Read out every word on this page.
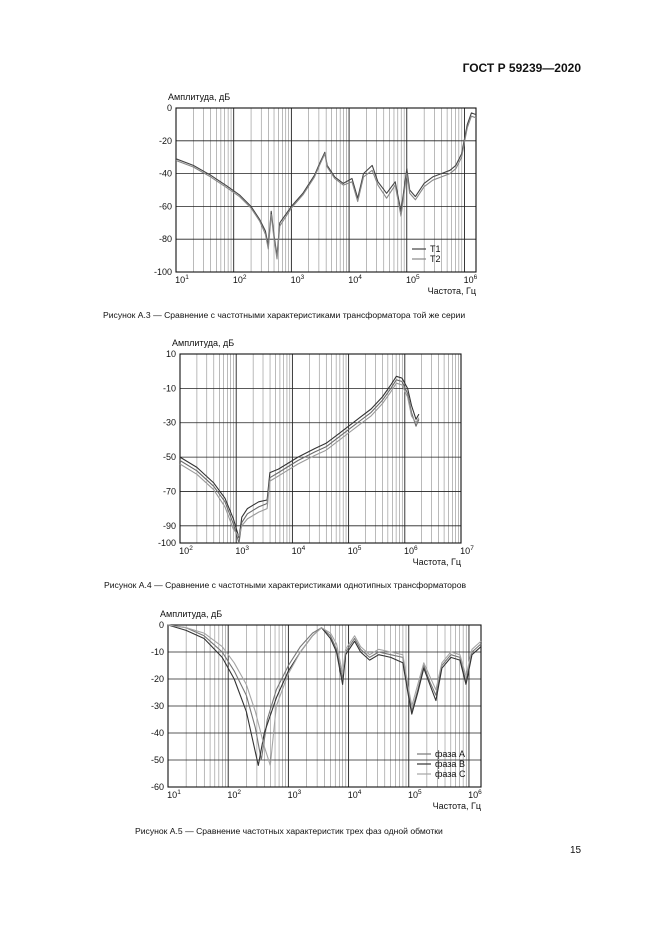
ГОСТ Р 59239—2020
-100
-80
-60
-40
-20
0
$10^1$	$10^2$	$10^3$	$10^4$	$10^5$	$10^6$
Амплитуда, дБ
Частота, Гц
T1
T2
-100
-90
-70
-50
-30
-10
10
$10^2$	$10^3$	$10^4$	$10^5$	$10^6$	$10^7$
Амплитуда, дБ
Частота, Гц
-60
-50
-40
-30
-20
-10
0
$10^1$	$10^2$	$10^3$	$10^4$	$10^5$	$10^6$
Амплитуда, дБ
Частота, Гц
фаза А
фаза В
фаза С
Рисунок А.3 — Сравнение с частотными характеристиками трансформатора той же серии
Рисунок А.4 — Сравнение с частотными характеристиками однотипных трансформаторов
Рисунок А.5 — Сравнение частотных характеристик трех фаз одной обмотки
15
